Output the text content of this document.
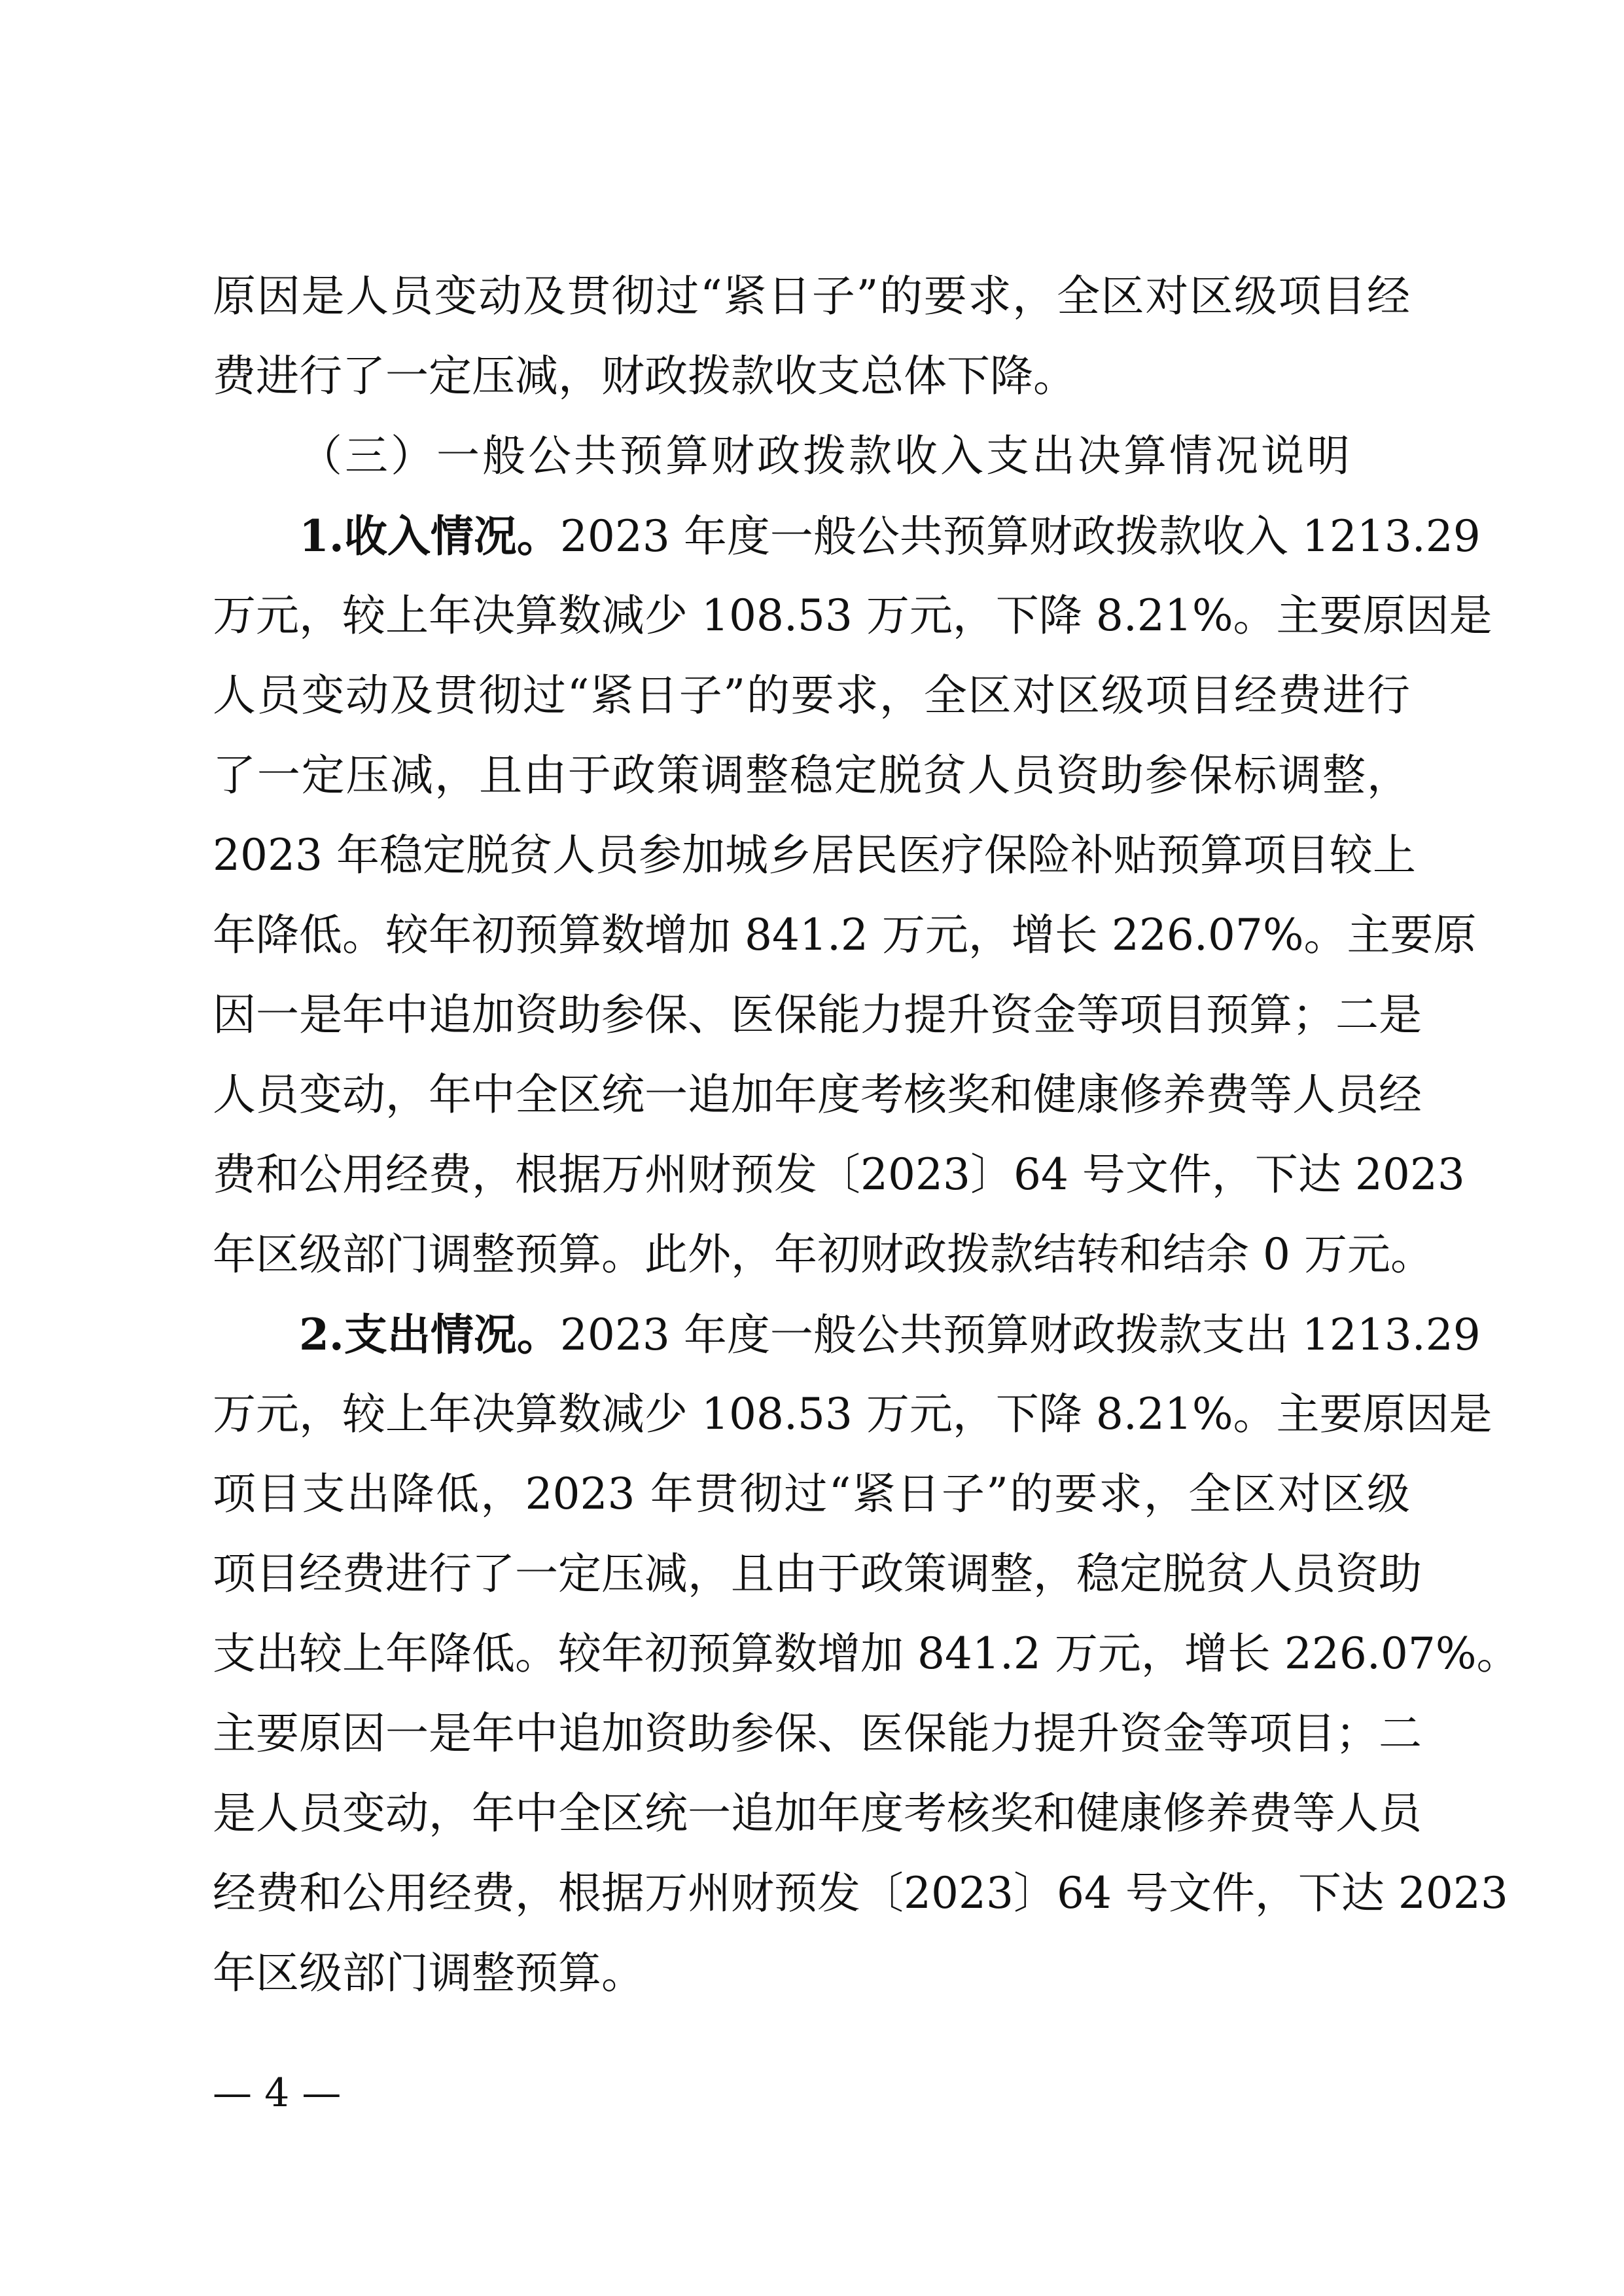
原因是人员变动及贯彻过“紧日子”的要求，全区对区级项目经
费进行了一定压减，财政拨款收支总体下降。
（三）一般公共预算财政拨款收入支出决算情况说明
1.收入情况。2023 年度一般公共预算财政拨款收入 1213.29
万元，较上年决算数减少 108.53 万元，下降 8.21%。主要原因是
人员变动及贯彻过“紧日子”的要求，全区对区级项目经费进行
了一定压减，且由于政策调整稳定脱贫人员资助参保标调整，
2023 年稳定脱贫人员参加城乡居民医疗保险补贴预算项目较上
年降低。较年初预算数增加 841.2 万元，增长 226.07%。主要原
因一是年中追加资助参保、医保能力提升资金等项目预算；二是
人员变动，年中全区统一追加年度考核奖和健康修养费等人员经
费和公用经费，根据万州财预发〔2023〕64 号文件，下达 2023
年区级部门调整预算。此外，年初财政拨款结转和结余 0 万元。
2.支出情况。2023 年度一般公共预算财政拨款支出 1213.29
万元，较上年决算数减少 108.53 万元，下降 8.21%。主要原因是
项目支出降低，2023 年贯彻过“紧日子”的要求，全区对区级
项目经费进行了一定压减，且由于政策调整，稳定脱贫人员资助
支出较上年降低。较年初预算数增加 841.2 万元，增长 226.07%。
主要原因一是年中追加资助参保、医保能力提升资金等项目；二
是人员变动，年中全区统一追加年度考核奖和健康修养费等人员
经费和公用经费，根据万州财预发〔2023〕64 号文件，下达 2023
年区级部门调整预算。
— 4 —
